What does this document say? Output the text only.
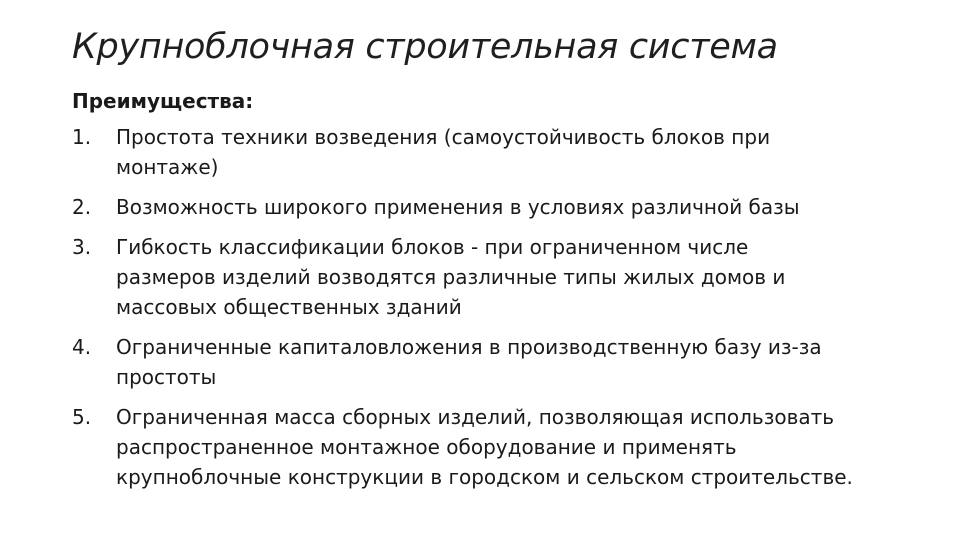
Крупноблочная строительная система
Преимущества:
1.	Простота техники возведения (самоустойчивость блоков при
монтаже)
2.	Возможность широкого применения в условиях различной базы
3.	Гибкость классификации блоков - при ограниченном числе
размеров изделий возводятся различные типы жилых домов и
массовых общественных зданий
4.	Ограниченные капиталовложения в производственную базу из-за
простоты
5.	Ограниченная масса сборных изделий, позволяющая использовать
распространенное монтажное оборудование и применять
крупноблочные конструкции в городском и сельском строительстве.
